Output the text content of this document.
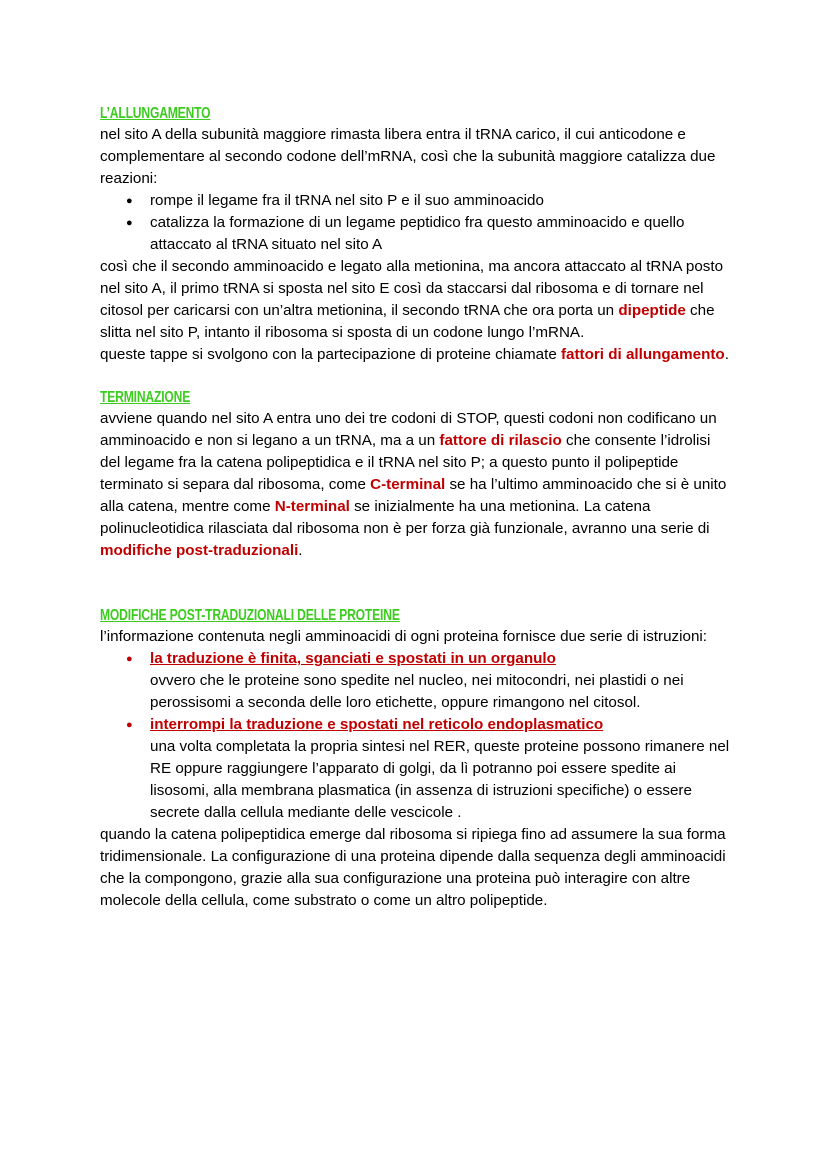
L’ALLUNGAMENTO

nel sito A della subunità maggiore rimasta libera entra il tRNA carico, il cui anticodone e complementare al secondo codone dell’mRNA, così che la subunità maggiore catalizza due reazioni:

● rompe il legame fra il tRNA nel sito P e il suo amminoacido
● catalizza la formazione di un legame peptidico fra questo amminoacido e quello attaccato al tRNA situato nel sito A

così che il secondo amminoacido e legato alla metionina, ma ancora attaccato al tRNA posto nel sito A, il primo tRNA si sposta nel sito E così da staccarsi dal ribosoma e di tornare nel citosol per caricarsi con un’altra metionina, il secondo tRNA che ora porta un dipeptide che slitta nel sito P, intanto il ribosoma si sposta di un codone lungo l’mRNA.

queste tappe si svolgono con la partecipazione di proteine chiamate fattori di allungamento.

TERMINAZIONE

avviene quando nel sito A entra uno dei tre codoni di STOP, questi codoni non codificano un amminoacido e non si legano a un tRNA, ma a un fattore di rilascio che consente l’idrolisi del legame fra la catena polipeptidica e il tRNA nel sito P; a questo punto il polipeptide terminato si separa dal ribosoma, come C-terminal se ha l’ultimo amminoacido che si è unito alla catena, mentre come N-terminal se inizialmente ha una metionina. La catena polinucleotidica rilasciata dal ribosoma non è per forza già funzionale, avranno una serie di modifiche post-traduzionali.

MODIFICHE POST-TRADUZIONALI DELLE PROTEINE

l’informazione contenuta negli amminoacidi di ogni proteina fornisce due serie di istruzioni:

● la traduzione è finita, sganciati e spostati in un organulo
ovvero che le proteine sono spedite nel nucleo, nei mitocondri, nei plastidi o nei perossisomi a seconda delle loro etichette, oppure rimangono nel citosol.
● interrompi la traduzione e spostati nel reticolo endoplasmatico
una volta completata la propria sintesi nel RER, queste proteine possono rimanere nel RE oppure raggiungere l’apparato di golgi, da lì potranno poi essere spedite ai lisosomi, alla membrana plasmatica (in assenza di istruzioni specifiche) o essere secrete dalla cellula mediante delle vescicole .

quando la catena polipeptidica emerge dal ribosoma si ripiega fino ad assumere la sua forma tridimensionale. La configurazione di una proteina dipende dalla sequenza degli amminoacidi che la compongono, grazie alla sua configurazione una proteina può interagire con altre molecole della cellula, come substrato o come un altro polipeptide.
